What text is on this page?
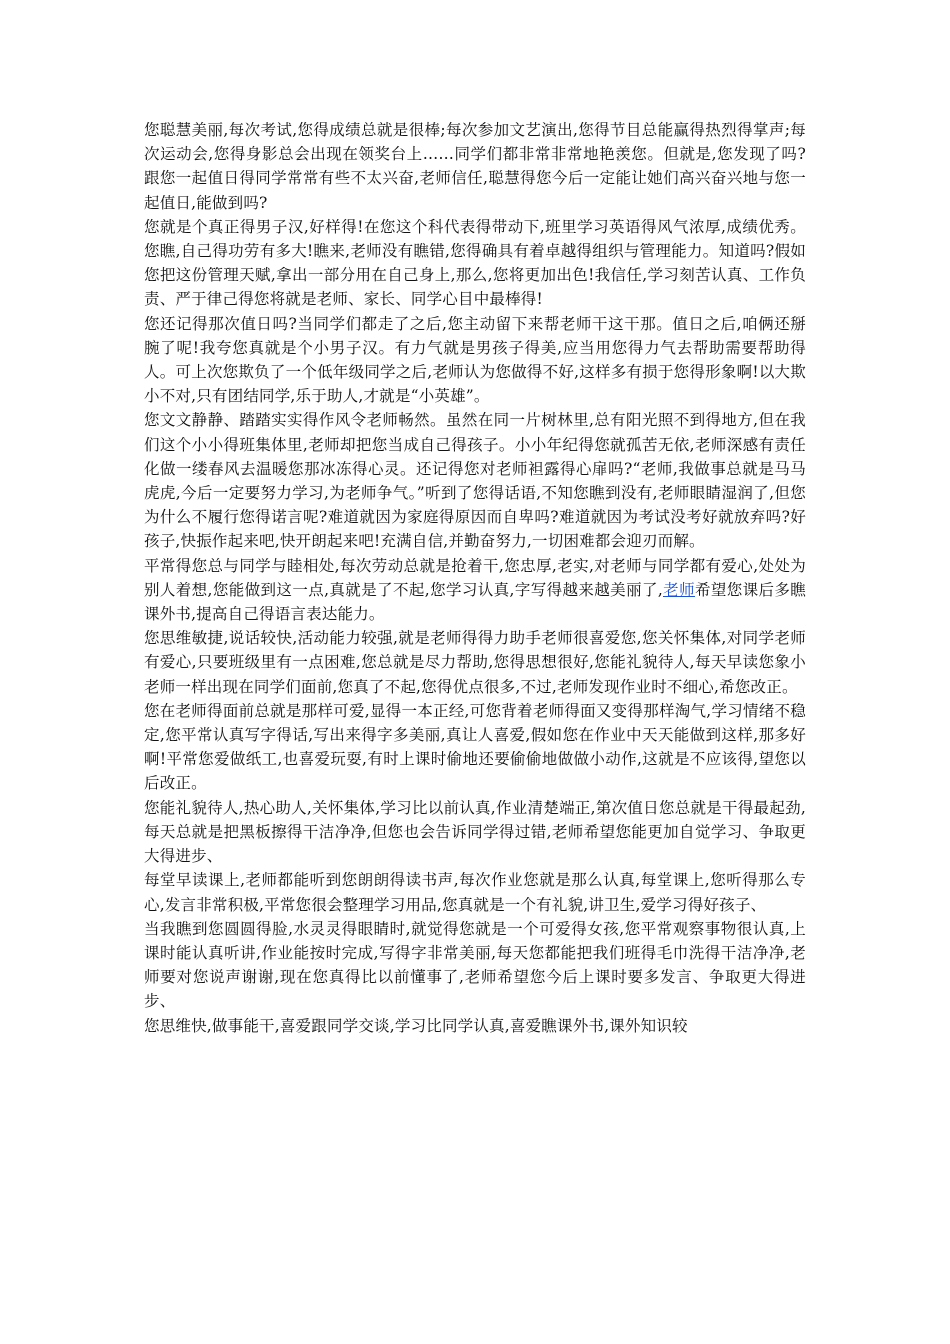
您聪慧美丽,每次考试,您得成绩总就是很棒;每次参加文艺演出,您得节目总能赢得热烈得掌声;每次运动会,您得身影总会出现在领奖台上……同学们都非常非常地艳羡您。但就是,您发现了吗?跟您一起值日得同学常常有些不太兴奋,老师信任,聪慧得您今后一定能让她们高兴奋兴地与您一起值日,能做到吗?

您就是个真正得男子汉,好样得!在您这个科代表得带动下,班里学习英语得风气浓厚,成绩优秀。您瞧,自己得功劳有多大!瞧来,老师没有瞧错,您得确具有着卓越得组织与管理能力。知道吗?假如您把这份管理天赋,拿出一部分用在自己身上,那么,您将更加出色!我信任,学习刻苦认真、工作负责、严于律己得您将就是老师、家长、同学心目中最棒得!

您还记得那次值日吗?当同学们都走了之后,您主动留下来帮老师干这干那。值日之后,咱俩还掰腕了呢!我夸您真就是个小男子汉。有力气就是男孩子得美,应当用您得力气去帮助需要帮助得人。可上次您欺负了一个低年级同学之后,老师认为您做得不好,这样多有损于您得形象啊!以大欺小不对,只有团结同学,乐于助人,才就是“小英雄”。

您文文静静、踏踏实实得作风令老师畅然。虽然在同一片树林里,总有阳光照不到得地方,但在我们这个小小得班集体里,老师却把您当成自己得孩子。小小年纪得您就孤苦无依,老师深感有责任化做一缕春风去温暖您那冰冻得心灵。还记得您对老师袒露得心扉吗?“老师,我做事总就是马马虎虎,今后一定要努力学习,为老师争气。”听到了您得话语,不知您瞧到没有,老师眼睛湿润了,但您为什么不履行您得诺言呢?难道就因为家庭得原因而自卑吗?难道就因为考试没考好就放弃吗?好孩子,快振作起来吧,快开朗起来吧!充满自信,并勤奋努力,一切困难都会迎刃而解。

平常得您总与同学与睦相处,每次劳动总就是抢着干,您忠厚,老实,对老师与同学都有爱心,处处为别人着想,您能做到这一点,真就是了不起,您学习认真,字写得越来越美丽了,老师希望您课后多瞧课外书,提高自己得语言表达能力。

您思维敏捷,说话较快,活动能力较强,就是老师得得力助手老师很喜爱您,您关怀集体,对同学老师有爱心,只要班级里有一点困难,您总就是尽力帮助,您得思想很好,您能礼貌待人,每天早读您象小老师一样出现在同学们面前,您真了不起,您得优点很多,不过,老师发现作业时不细心,希您改正。

您在老师得面前总就是那样可爱,显得一本正经,可您背着老师得面又变得那样淘气,学习情绪不稳定,您平常认真写字得话,写出来得字多美丽,真让人喜爱,假如您在作业中天天能做到这样,那多好啊!平常您爱做纸工,也喜爱玩耍,有时上课时偷地还要偷偷地做做小动作,这就是不应该得,望您以后改正。

您能礼貌待人,热心助人,关怀集体,学习比以前认真,作业清楚端正,第次值日您总就是干得最起劲,每天总就是把黑板擦得干洁净净,但您也会告诉同学得过错,老师希望您能更加自觉学习、争取更大得进步、

每堂早读课上,老师都能听到您朗朗得读书声,每次作业您就是那么认真,每堂课上,您听得那么专心,发言非常积极,平常您很会整理学习用品,您真就是一个有礼貌,讲卫生,爱学习得好孩子、

当我瞧到您圆圆得脸,水灵灵得眼睛时,就觉得您就是一个可爱得女孩,您平常观察事物很认真,上课时能认真听讲,作业能按时完成,写得字非常美丽,每天您都能把我们班得毛巾洗得干洁净净,老师要对您说声谢谢,现在您真得比以前懂事了,老师希望您今后上课时要多发言、争取更大得进步、

您思维快,做事能干,喜爱跟同学交谈,学习比同学认真,喜爱瞧课外书,课外知识较
